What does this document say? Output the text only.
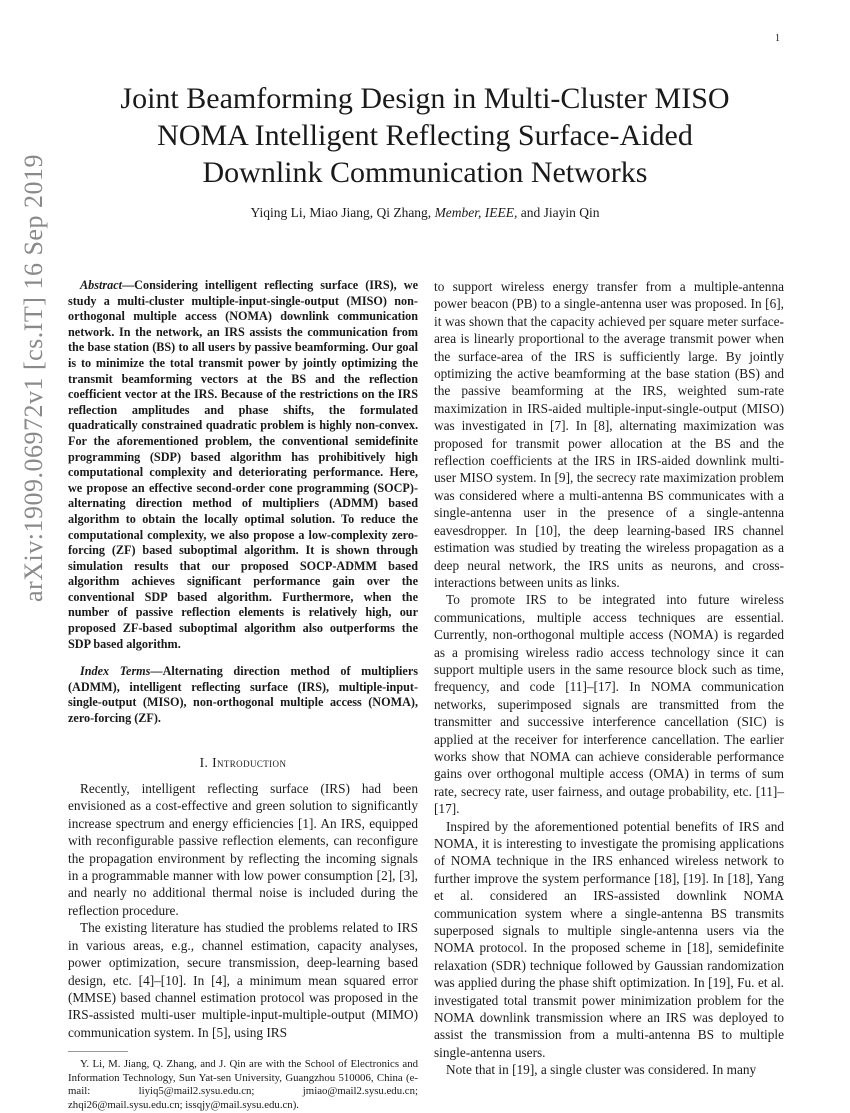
1
arXiv:1909.06972v1 [cs.IT] 16 Sep 2019
Joint Beamforming Design in Multi-Cluster MISO
NOMA Intelligent Reflecting Surface-Aided
Downlink Communication Networks
Yiqing Li, Miao Jiang, Qi Zhang, Member, IEEE, and Jiayin Qin

Abstract—Considering intelligent reflecting surface (IRS), we study a multi-cluster multiple-input-single-output (MISO) non-orthogonal multiple access (NOMA) downlink communication network. In the network, an IRS assists the communication from the base station (BS) to all users by passive beamforming. Our goal is to minimize the total transmit power by jointly optimizing the transmit beamforming vectors at the BS and the reflection coefficient vector at the IRS. Because of the restrictions on the IRS reflection amplitudes and phase shifts, the formulated quadratically constrained quadratic problem is highly non-convex. For the aforementioned problem, the conventional semidefinite programming (SDP) based algorithm has prohibitively high computational complexity and deteriorating performance. Here, we propose an effective second-order cone programming (SOCP)-alternating direction method of multipliers (ADMM) based algorithm to obtain the locally optimal solution. To reduce the computational complexity, we also propose a low-complexity zero-forcing (ZF) based suboptimal algorithm. It is shown through simulation results that our proposed SOCP-ADMM based algorithm achieves significant performance gain over the conventional SDP based algorithm. Furthermore, when the number of passive reflection elements is relatively high, our proposed ZF-based suboptimal algorithm also outperforms the SDP based algorithm.

Index Terms—Alternating direction method of multipliers (ADMM), intelligent reflecting surface (IRS), multiple-input-single-output (MISO), non-orthogonal multiple access (NOMA), zero-forcing (ZF).

I. Introduction

Recently, intelligent reflecting surface (IRS) had been envisioned as a cost-effective and green solution to significantly increase spectrum and energy efficiencies [1]. An IRS, equipped with reconfigurable passive reflection elements, can reconfigure the propagation environment by reflecting the incoming signals in a programmable manner with low power consumption [2], [3], and nearly no additional thermal noise is included during the reflection procedure.

The existing literature has studied the problems related to IRS in various areas, e.g., channel estimation, capacity analyses, power optimization, secure transmission, deep-learning based design, etc. [4]–[10]. In [4], a minimum mean squared error (MMSE) based channel estimation protocol was proposed in the IRS-assisted multi-user multiple-input-multiple-output (MIMO) communication system. In [5], using IRS

Y. Li, M. Jiang, Q. Zhang, and J. Qin are with the School of Electronics and Information Technology, Sun Yat-sen University, Guangzhou 510006, China (e-mail: liyiq5@mail2.sysu.edu.cn; jmiao@mail2.sysu.edu.cn; zhqi26@mail.sysu.edu.cn; issqjy@mail.sysu.edu.cn).

to support wireless energy transfer from a multiple-antenna power beacon (PB) to a single-antenna user was proposed. In [6], it was shown that the capacity achieved per square meter surface-area is linearly proportional to the average transmit power when the surface-area of the IRS is sufficiently large. By jointly optimizing the active beamforming at the base station (BS) and the passive beamforming at the IRS, weighted sum-rate maximization in IRS-aided multiple-input-single-output (MISO) was investigated in [7]. In [8], alternating maximization was proposed for transmit power allocation at the BS and the reflection coefficients at the IRS in IRS-aided downlink multi-user MISO system. In [9], the secrecy rate maximization problem was considered where a multi-antenna BS communicates with a single-antenna user in the presence of a single-antenna eavesdropper. In [10], the deep learning-based IRS channel estimation was studied by treating the wireless propagation as a deep neural network, the IRS units as neurons, and cross-interactions between units as links.

To promote IRS to be integrated into future wireless communications, multiple access techniques are essential. Currently, non-orthogonal multiple access (NOMA) is regarded as a promising wireless radio access technology since it can support multiple users in the same resource block such as time, frequency, and code [11]–[17]. In NOMA communication networks, superimposed signals are transmitted from the transmitter and successive interference cancellation (SIC) is applied at the receiver for interference cancellation. The earlier works show that NOMA can achieve considerable performance gains over orthogonal multiple access (OMA) in terms of sum rate, secrecy rate, user fairness, and outage probability, etc. [11]–[17].

Inspired by the aforementioned potential benefits of IRS and NOMA, it is interesting to investigate the promising applications of NOMA technique in the IRS enhanced wireless network to further improve the system performance [18], [19]. In [18], Yang et al. considered an IRS-assisted downlink NOMA communication system where a single-antenna BS transmits superposed signals to multiple single-antenna users via the NOMA protocol. In the proposed scheme in [18], semidefinite relaxation (SDR) technique followed by Gaussian randomization was applied during the phase shift optimization. In [19], Fu. et al. investigated total transmit power minimization problem for the NOMA downlink transmission where an IRS was deployed to assist the transmission from a multi-antenna BS to multiple single-antenna users.

Note that in [19], a single cluster was considered. In many
